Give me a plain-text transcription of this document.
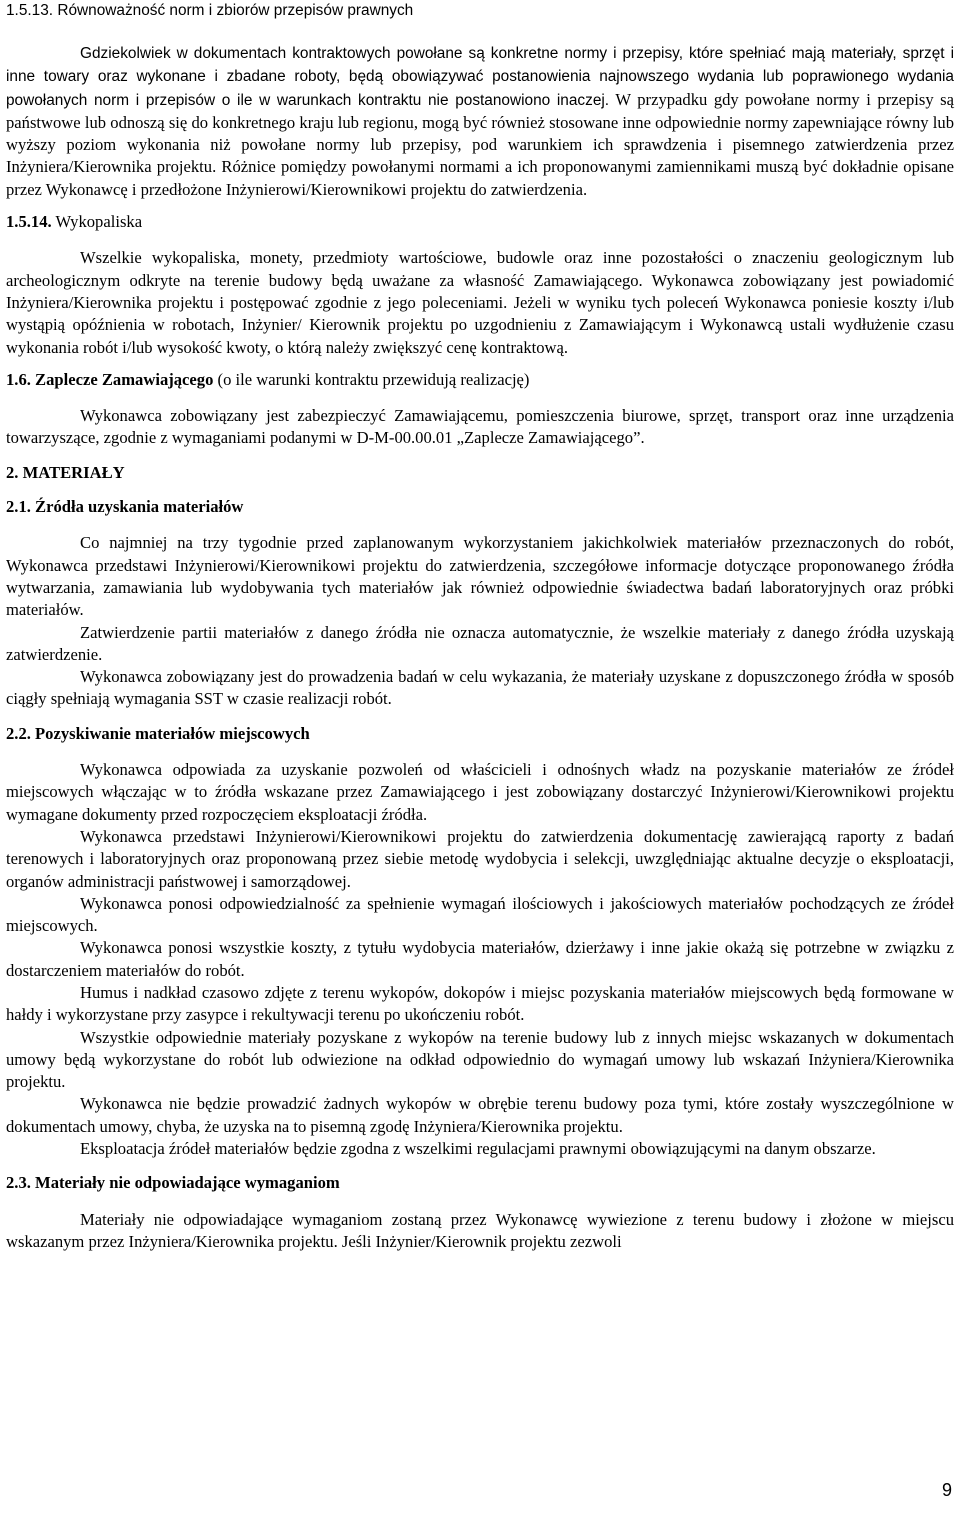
1.5.13. Równoważność norm i zbiorów przepisów prawnych

Gdziekolwiek w dokumentach kontraktowych powołane są konkretne normy i przepisy, które spełniać mają materiały, sprzęt i inne towary oraz wykonane i zbadane roboty, będą obowiązywać postanowienia najnowszego wydania lub poprawionego wydania powołanych norm i przepisów o ile w warunkach kontraktu nie postanowiono inaczej. W przypadku gdy powołane normy i przepisy są państwowe lub odnoszą się do konkretnego kraju lub regionu, mogą być również stosowane inne odpowiednie normy zapewniające równy lub wyższy poziom wykonania niż powołane normy lub przepisy, pod warunkiem ich sprawdzenia i pisemnego zatwierdzenia przez Inżyniera/Kierownika projektu. Różnice pomiędzy powołanymi normami a ich proponowanymi zamiennikami muszą być dokładnie opisane przez Wykonawcę i przedłożone Inżynierowi/Kierownikowi projektu do zatwierdzenia.

1.5.14. Wykopaliska

Wszelkie wykopaliska, monety, przedmioty wartościowe, budowle oraz inne pozostałości o znaczeniu geologicznym lub archeologicznym odkryte na terenie budowy będą uważane za własność Zamawiającego. Wykonawca zobowiązany jest powiadomić Inżyniera/Kierownika projektu i postępować zgodnie z jego poleceniami. Jeżeli w wyniku tych poleceń Wykonawca poniesie koszty i/lub wystąpią opóźnienia w robotach, Inżynier/ Kierownik projektu po uzgodnieniu z Zamawiającym i Wykonawcą ustali wydłużenie czasu wykonania robót i/lub wysokość kwoty, o którą należy zwiększyć cenę kontraktową.

1.6. Zaplecze Zamawiającego (o ile warunki kontraktu przewidują realizację)

Wykonawca zobowiązany jest zabezpieczyć Zamawiającemu, pomieszczenia biurowe, sprzęt, transport oraz inne urządzenia towarzyszące, zgodnie z wymaganiami podanymi w D-M-00.00.01 „Zaplecze Zamawiającego”.

2. MATERIAŁY
2.1. Źródła uzyskania materiałów

Co najmniej na trzy tygodnie przed zaplanowanym wykorzystaniem jakichkolwiek materiałów przeznaczonych do robót, Wykonawca przedstawi Inżynierowi/Kierownikowi projektu do zatwierdzenia, szczegółowe informacje dotyczące proponowanego źródła wytwarzania, zamawiania lub wydobywania tych materiałów jak również odpowiednie świadectwa badań laboratoryjnych oraz próbki materiałów.

Zatwierdzenie partii materiałów z danego źródła nie oznacza automatycznie, że wszelkie materiały z danego źródła uzyskają zatwierdzenie.

Wykonawca zobowiązany jest do prowadzenia badań w celu wykazania, że materiały uzyskane z dopuszczonego źródła w sposób ciągły spełniają wymagania SST w czasie realizacji robót.

2.2. Pozyskiwanie materiałów miejscowych

Wykonawca odpowiada za uzyskanie pozwoleń od właścicieli i odnośnych władz na pozyskanie materiałów ze źródeł miejscowych włączając w to źródła wskazane przez Zamawiającego i jest zobowiązany dostarczyć Inżynierowi/Kierownikowi projektu wymagane dokumenty przed rozpoczęciem eksploatacji źródła.

Wykonawca przedstawi Inżynierowi/Kierownikowi projektu do zatwierdzenia dokumentację zawierającą raporty z badań terenowych i laboratoryjnych oraz proponowaną przez siebie metodę wydobycia i selekcji, uwzględniając aktualne decyzje o eksploatacji, organów administracji państwowej i samorządowej.

Wykonawca ponosi odpowiedzialność za spełnienie wymagań ilościowych i jakościowych materiałów pochodzących ze źródeł miejscowych.

Wykonawca ponosi wszystkie koszty, z tytułu wydobycia materiałów, dzierżawy i inne jakie okażą się potrzebne w związku z dostarczeniem materiałów do robót.

Humus i nadkład czasowo zdjęte z terenu wykopów, dokopów i miejsc pozyskania materiałów miejscowych będą formowane w hałdy i wykorzystane przy zasypce i rekultywacji terenu po ukończeniu robót.

Wszystkie odpowiednie materiały pozyskane z wykopów na terenie budowy lub z innych miejsc wskazanych w dokumentach umowy będą wykorzystane do robót lub odwiezione na odkład odpowiednio do wymagań umowy lub wskazań Inżyniera/Kierownika projektu.

Wykonawca nie będzie prowadzić żadnych wykopów w obrębie terenu budowy poza tymi, które zostały wyszczególnione w dokumentach umowy, chyba, że uzyska na to pisemną zgodę Inżyniera/Kierownika projektu.

Eksploatacja źródeł materiałów będzie zgodna z wszelkimi regulacjami prawnymi obowiązującymi na danym obszarze.

2.3. Materiały nie odpowiadające wymaganiom

Materiały nie odpowiadające wymaganiom zostaną przez Wykonawcę wywiezione z terenu budowy i złożone w miejscu wskazanym przez Inżyniera/Kierownika projektu. Jeśli Inżynier/Kierownik projektu zezwoli

9
